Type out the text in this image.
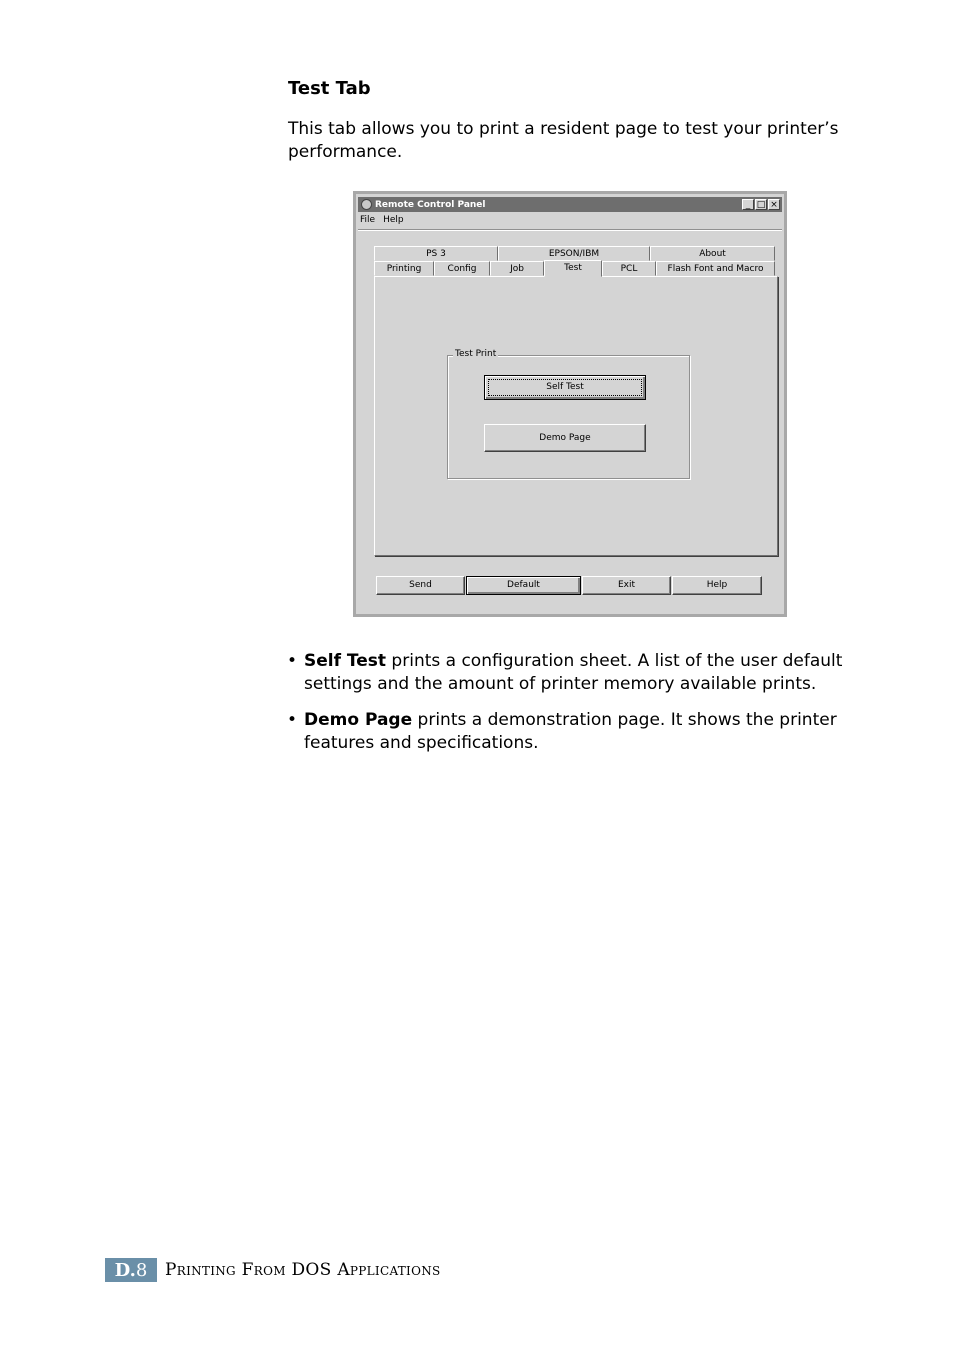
Test Tab

This tab allows you to print a resident page to test your printer’s performance.

Remote Control Panel	_ □ ×
File Help
PS 3	EPSON/IBM	About
Printing	Config	Job	Test	PCL	Flash Font and Macro
Test Print
Self Test
Demo Page
Send	Default	Exit	Help
• Self Test prints a configuration sheet. A list of the user default settings and the amount of printer memory available prints.
• Demo Page prints a demonstration page. It shows the printer features and specifications.
D. 8 Printing From DOS Applications
